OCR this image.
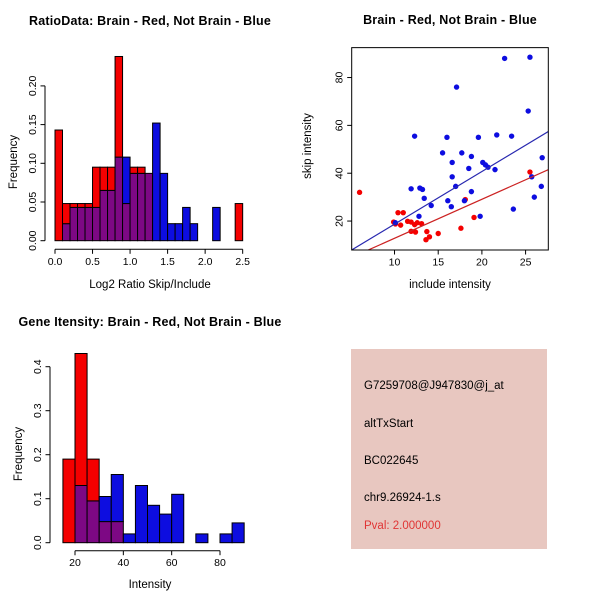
0.0 0.5 1.0 1.5 2.0 2.5
0.00
0.05
0.10
0.15
0.20
10	15	20	25
20
40
60
80
20	40	60	80
0.0
0.1
0.2
0.3
0.4
RatioData: Brain - Red, Not Brain - Blue	Brain - Red, Not Brain - Blue
Gene Itensity: Brain - Red, Not Brain - Blue
Log2 Ratio Skip/Include	include intensity
Intensity
Frequency	skip intensity
Frequency
G7259708@J947830@j_at
altTxStart
BC022645
chr9.26924-1.s
Pval: 2.000000
